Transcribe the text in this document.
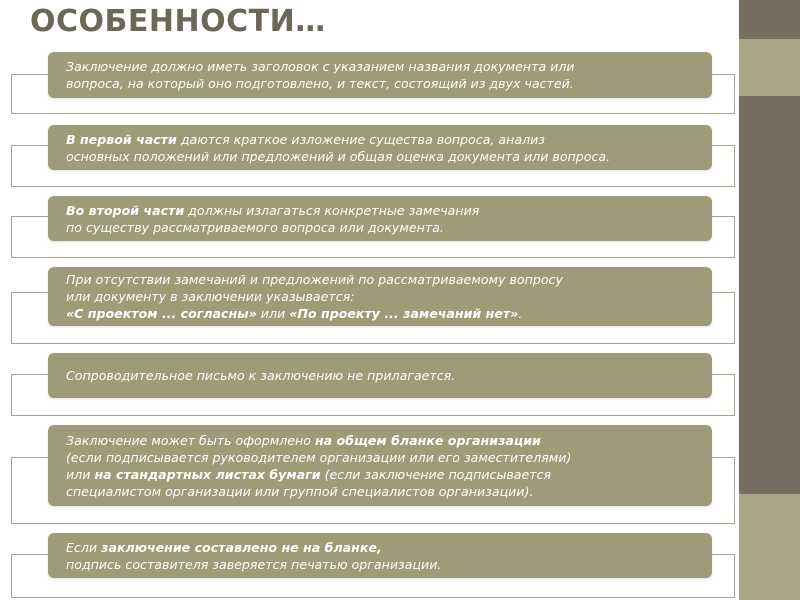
ОСОБЕННОСТИ…
Заключение должно иметь заголовок с указанием названия документа или
вопроса, на который оно подготовлено, и текст, состоящий из двух частей.
В первой части даются краткое изложение существа вопроса, анализ
основных положений или предложений и общая оценка документа или вопроса.
Во второй части должны излагаться конкретные замечания
по существу рассматриваемого вопроса или документа.
При отсутствии замечаний и предложений по рассматриваемому вопросу
или документу в заключении указывается:
«С проектом ... согласны» или «По проекту ... замечаний нет».
Сопроводительное письмо к заключению не прилагается.
Заключение может быть оформлено на общем бланке организации
(если подписывается руководителем организации или его заместителями)
или на стандартных листах бумаги (если заключение подписывается
специалистом организации или группой специалистов организации).
Если заключение составлено не на бланке,
подпись составителя заверяется печатью организации.
